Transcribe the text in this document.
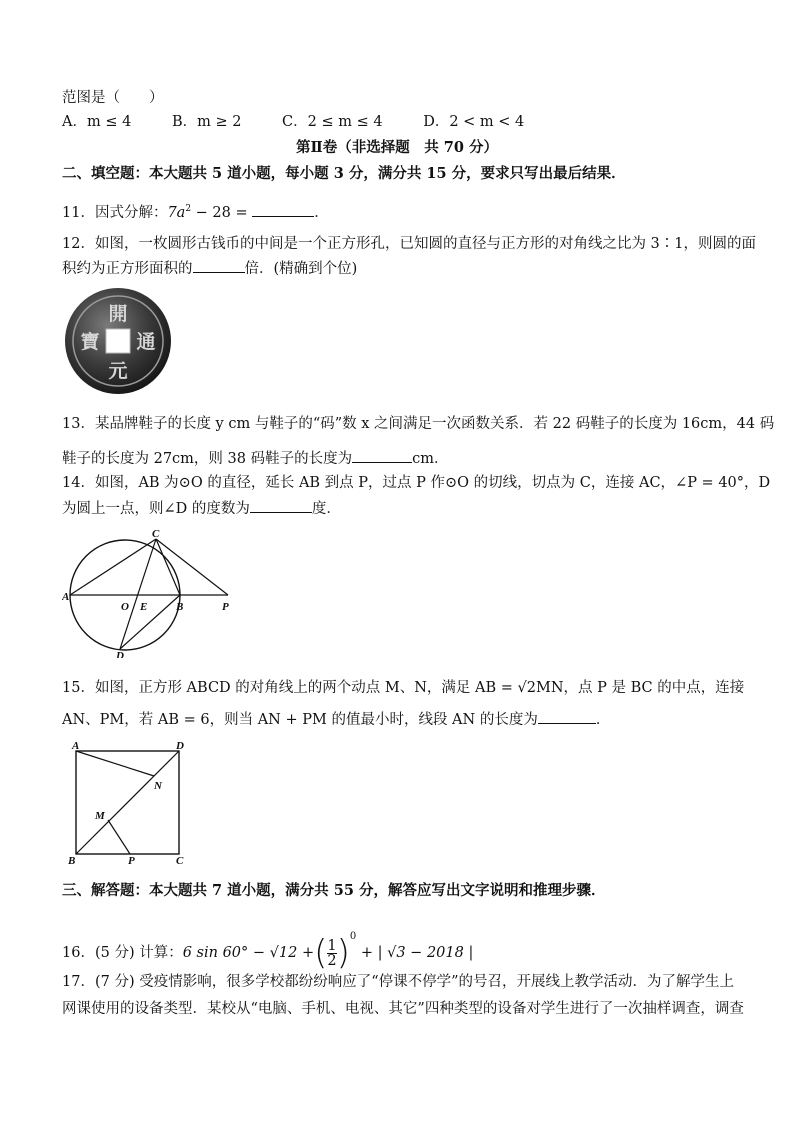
范图是（　　）
A．m ≤ 4	B．m ≥ 2	C．2 ≤ m ≤ 4	D．2 < m < 4
第Ⅱ卷（非选择题　共 70 分）
二、填空题：本大题共 5 道小题，每小题 3 分，满分共 15 分，要求只写出最后结果．
11．因式分解：$7a^2 - 28$ =	．
12．如图，一枚圆形古钱币的中间是一个正方形孔，已知圆的直径与正方形的对角线之比为 3∶1，则圆的面
积约为正方形面积的	倍．(精确到个位)
開
元
通
寶
13．某品牌鞋子的长度 y cm 与鞋子的“码”数 x 之间满足一次函数关系．若 22 码鞋子的长度为 16cm，44 码
鞋子的长度为 27cm，则 38 码鞋子的长度为	cm．
14．如图，AB 为⊙O 的直径，延长 AB 到点 P，过点 P 作⊙O 的切线，切点为 C，连接 AC，∠P = 40°，D
为圆上一点，则∠D 的度数为	度．
A
O E	B	P
C
D
15．如图，正方形 ABCD 的对角线上的两个动点 M、N，满足 AB = √2MN，点 P 是 BC 的中点，连接
AN、PM，若 AB = 6，则当 AN + PM 的值最小时，线段 AN 的长度为	．
A	D
N
M
B	P	C
三、解答题：本大题共 7 道小题，满分共 55 分，解答应写出文字说明和推理步骤．
16．(5 分) 计算：6 sin 60° − √12 +( $\frac{1}{2} )^0$ + | √3 − 2018 |
17．(7 分) 受疫情影响，很多学校都纷纷响应了“停课不停学”的号召，开展线上教学活动．为了解学生上
网课使用的设备类型．某校从“电脑、手机、电视、其它”四种类型的设备对学生进行了一次抽样调查，调查
